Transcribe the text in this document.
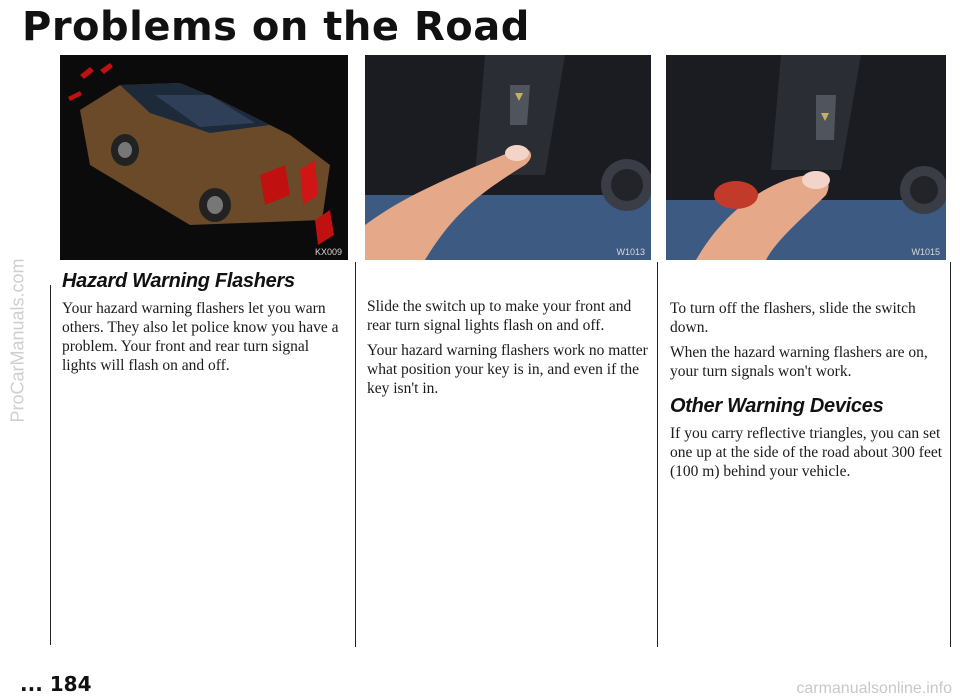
Problems on the Road
KX009	W1013	W1015
Hazard Warning Flashers

Your hazard warning flashers let you warn others. They also let police know you have a problem. Your front and rear turn signal lights will flash on and off.

Slide the switch up to make your front and rear turn signal lights flash on and off.

Your hazard warning flashers work no matter what position your key is in, and even if the key isn't in.

To turn off the flashers, slide the switch down.

When the hazard warning flashers are on, your turn signals won't work.

Other Warning Devices

If you carry reflective triangles, you can set one up at the side of the road about 300 feet (100 m) behind your vehicle.

ProCarManuals.com
... 184	carmanualsonline.info
